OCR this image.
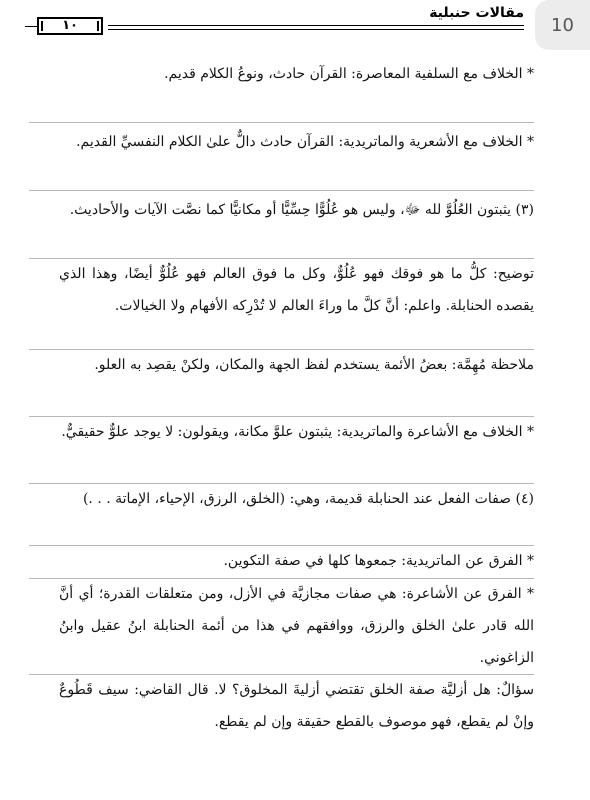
10
مقالات حنبلية
١٠

* الخلاف مع السلفية المعاصرة: القرآن حادث، ونوعُ الكلام قديم.

* الخلاف مع الأشعرية والماتريدية: القرآن حادث دالٌّ علىٰ الكلام النفسيِّ القديم.

(٣) يثبتون العُلُوَّ لله ﷻ، وليس هو عُلُوًّا حِسِّيًّا أو مكانيًّا كما نصَّت الآيات والأحاديث.

توضيح: كلُّ ما هو فوقك فهو عُلُوٌّ، وكل ما فوق العالم فهو عُلُوٌّ أيضًا، وهذا الذي يقصده الحنابلة. واعلم: أنَّ كلَّ ما وراءَ العالم لا تُدْرِكه الأفهام ولا الخيالات.

ملاحظة مُهِمَّة: بعضُ الأئمة يستخدم لفظ الجهة والمكان، ولكنْ يقصِد به العلو.

* الخلاف مع الأشاعرة والماتريدية: يثبتون علوَّ مكانة، ويقولون: لا يوجد علوٌّ حقيقيٌّ.

(٤) صفات الفعل عند الحنابلة قديمة، وهي: (الخلق، الرزق، الإحياء، الإماتة . . .)

* الفرق عن الماتريدية: جمعوها كلها في صفة التكوين.

* الفرق عن الأشاعرة: هي صفات مجازيَّة في الأزل، ومن متعلقات القدرة؛ أي أنَّ الله قادر علىٰ الخلق والرزق، ووافقهم في هذا من أئمة الحنابلة ابنُ عقيل وابنُ الزاغوني.

سؤالٌ: هل أزليَّة صفة الخلق تقتضي أزليةَ المخلوق؟ لا. قال القاضي: سيف قَطُوعٌ وإنْ لم يقطع، فهو موصوف بالقطع حقيقة وإن لم يقطع.
